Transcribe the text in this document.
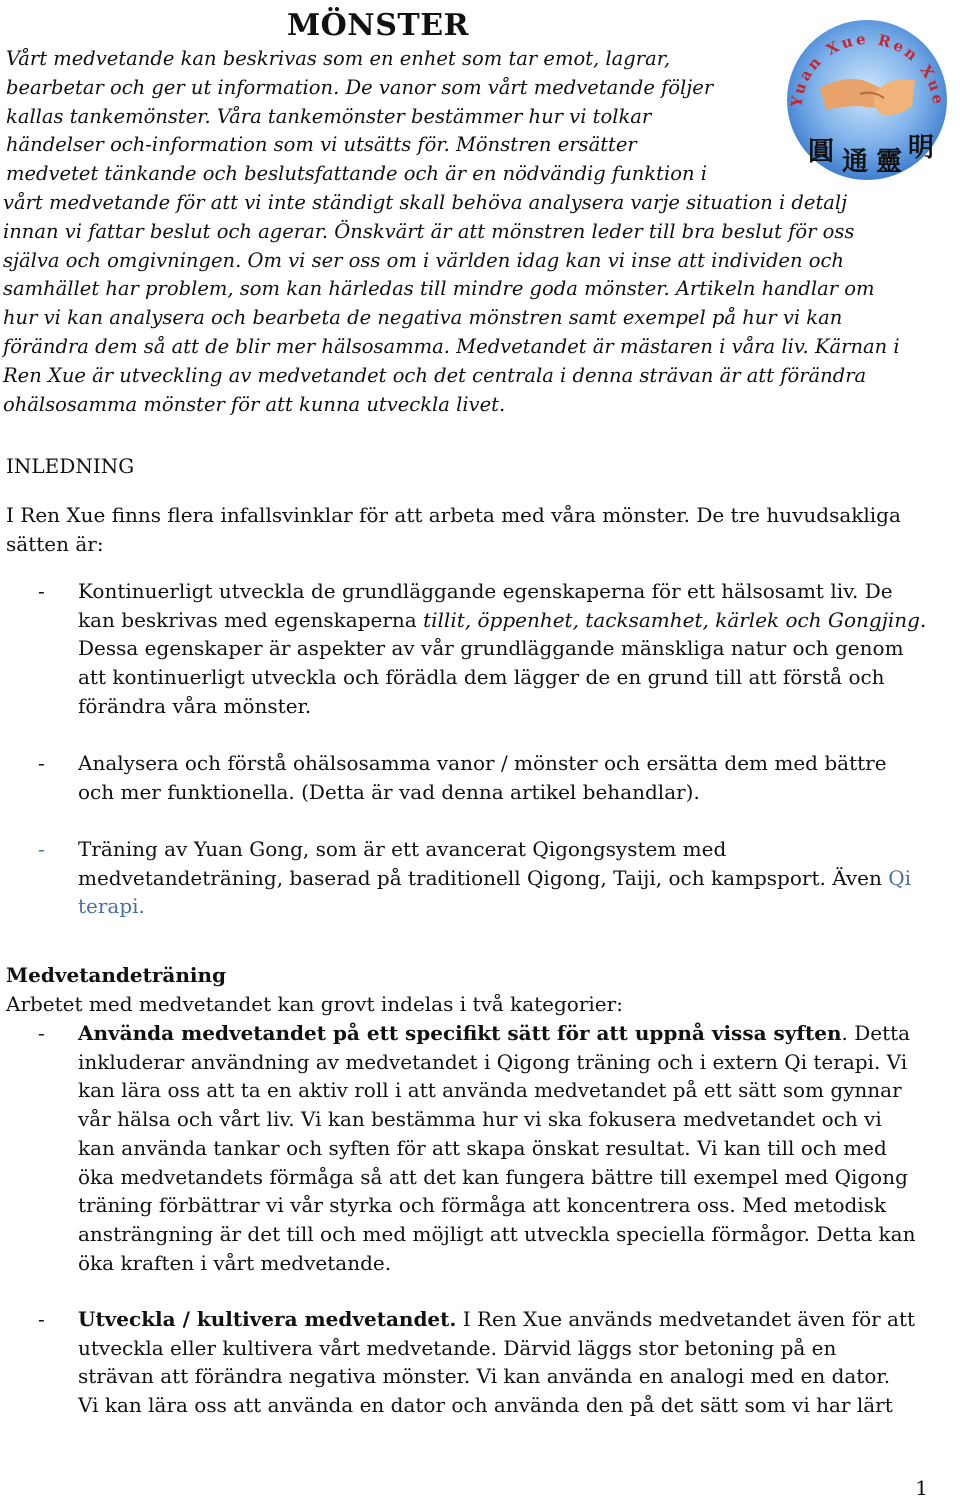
MÖNSTER
Yuan Xue Ren Xue
圓 通 靈 明
Vårt medvetande kan beskrivas som en enhet som tar emot, lagrar,
bearbetar och ger ut information. De vanor som vårt medvetande följer
kallas tankemönster. Våra tankemönster bestämmer hur vi tolkar
händelser och-information som vi utsätts för. Mönstren ersätter
medvetet tänkande och beslutsfattande och är en nödvändig funktion i
vårt medvetande för att vi inte ständigt skall behöva analysera varje situation i detalj
innan vi fattar beslut och agerar. Önskvärt är att mönstren leder till bra beslut för oss
själva och omgivningen. Om vi ser oss om i världen idag kan vi inse att individen och
samhället har problem, som kan härledas till mindre goda mönster. Artikeln handlar om
hur vi kan analysera och bearbeta de negativa mönstren samt exempel på hur vi kan
förändra dem så att de blir mer hälsosamma. Medvetandet är mästaren i våra liv. Kärnan i
Ren Xue är utveckling av medvetandet och det centrala i denna strävan är att förändra
ohälsosamma mönster för att kunna utveckla livet.
INLEDNING
I Ren Xue finns flera infallsvinklar för att arbeta med våra mönster. De tre huvudsakliga
sätten är:
- Kontinuerligt utveckla de grundläggande egenskaperna för ett hälsosamt liv. De
kan beskrivas med egenskaperna tillit, öppenhet, tacksamhet, kärlek och Gongjing.
Dessa egenskaper är aspekter av vår grundläggande mänskliga natur och genom
att kontinuerligt utveckla och förädla dem lägger de en grund till att förstå och
förändra våra mönster.
- Analysera och förstå ohälsosamma vanor / mönster och ersätta dem med bättre
och mer funktionella. (Detta är vad denna artikel behandlar).
- Träning av Yuan Gong, som är ett avancerat Qigongsystem med
medvetandeträning, baserad på traditionell Qigong, Taiji, och kampsport. Även Qi
terapi.
Medvetandeträning
Arbetet med medvetandet kan grovt indelas i två kategorier:
- Använda medvetandet på ett specifikt sätt för att uppnå vissa syften. Detta
inkluderar användning av medvetandet i Qigong träning och i extern Qi terapi. Vi
kan lära oss att ta en aktiv roll i att använda medvetandet på ett sätt som gynnar
vår hälsa och vårt liv. Vi kan bestämma hur vi ska fokusera medvetandet och vi
kan använda tankar och syften för att skapa önskat resultat. Vi kan till och med
öka medvetandets förmåga så att det kan fungera bättre till exempel med Qigong
träning förbättrar vi vår styrka och förmåga att koncentrera oss. Med metodisk
ansträngning är det till och med möjligt att utveckla speciella förmågor. Detta kan
öka kraften i vårt medvetande.
- Utveckla / kultivera medvetandet. I Ren Xue används medvetandet även för att
utveckla eller kultivera vårt medvetande. Därvid läggs stor betoning på en
strävan att förändra negativa mönster. Vi kan använda en analogi med en dator.
Vi kan lära oss att använda en dator och använda den på det sätt som vi har lärt
1
